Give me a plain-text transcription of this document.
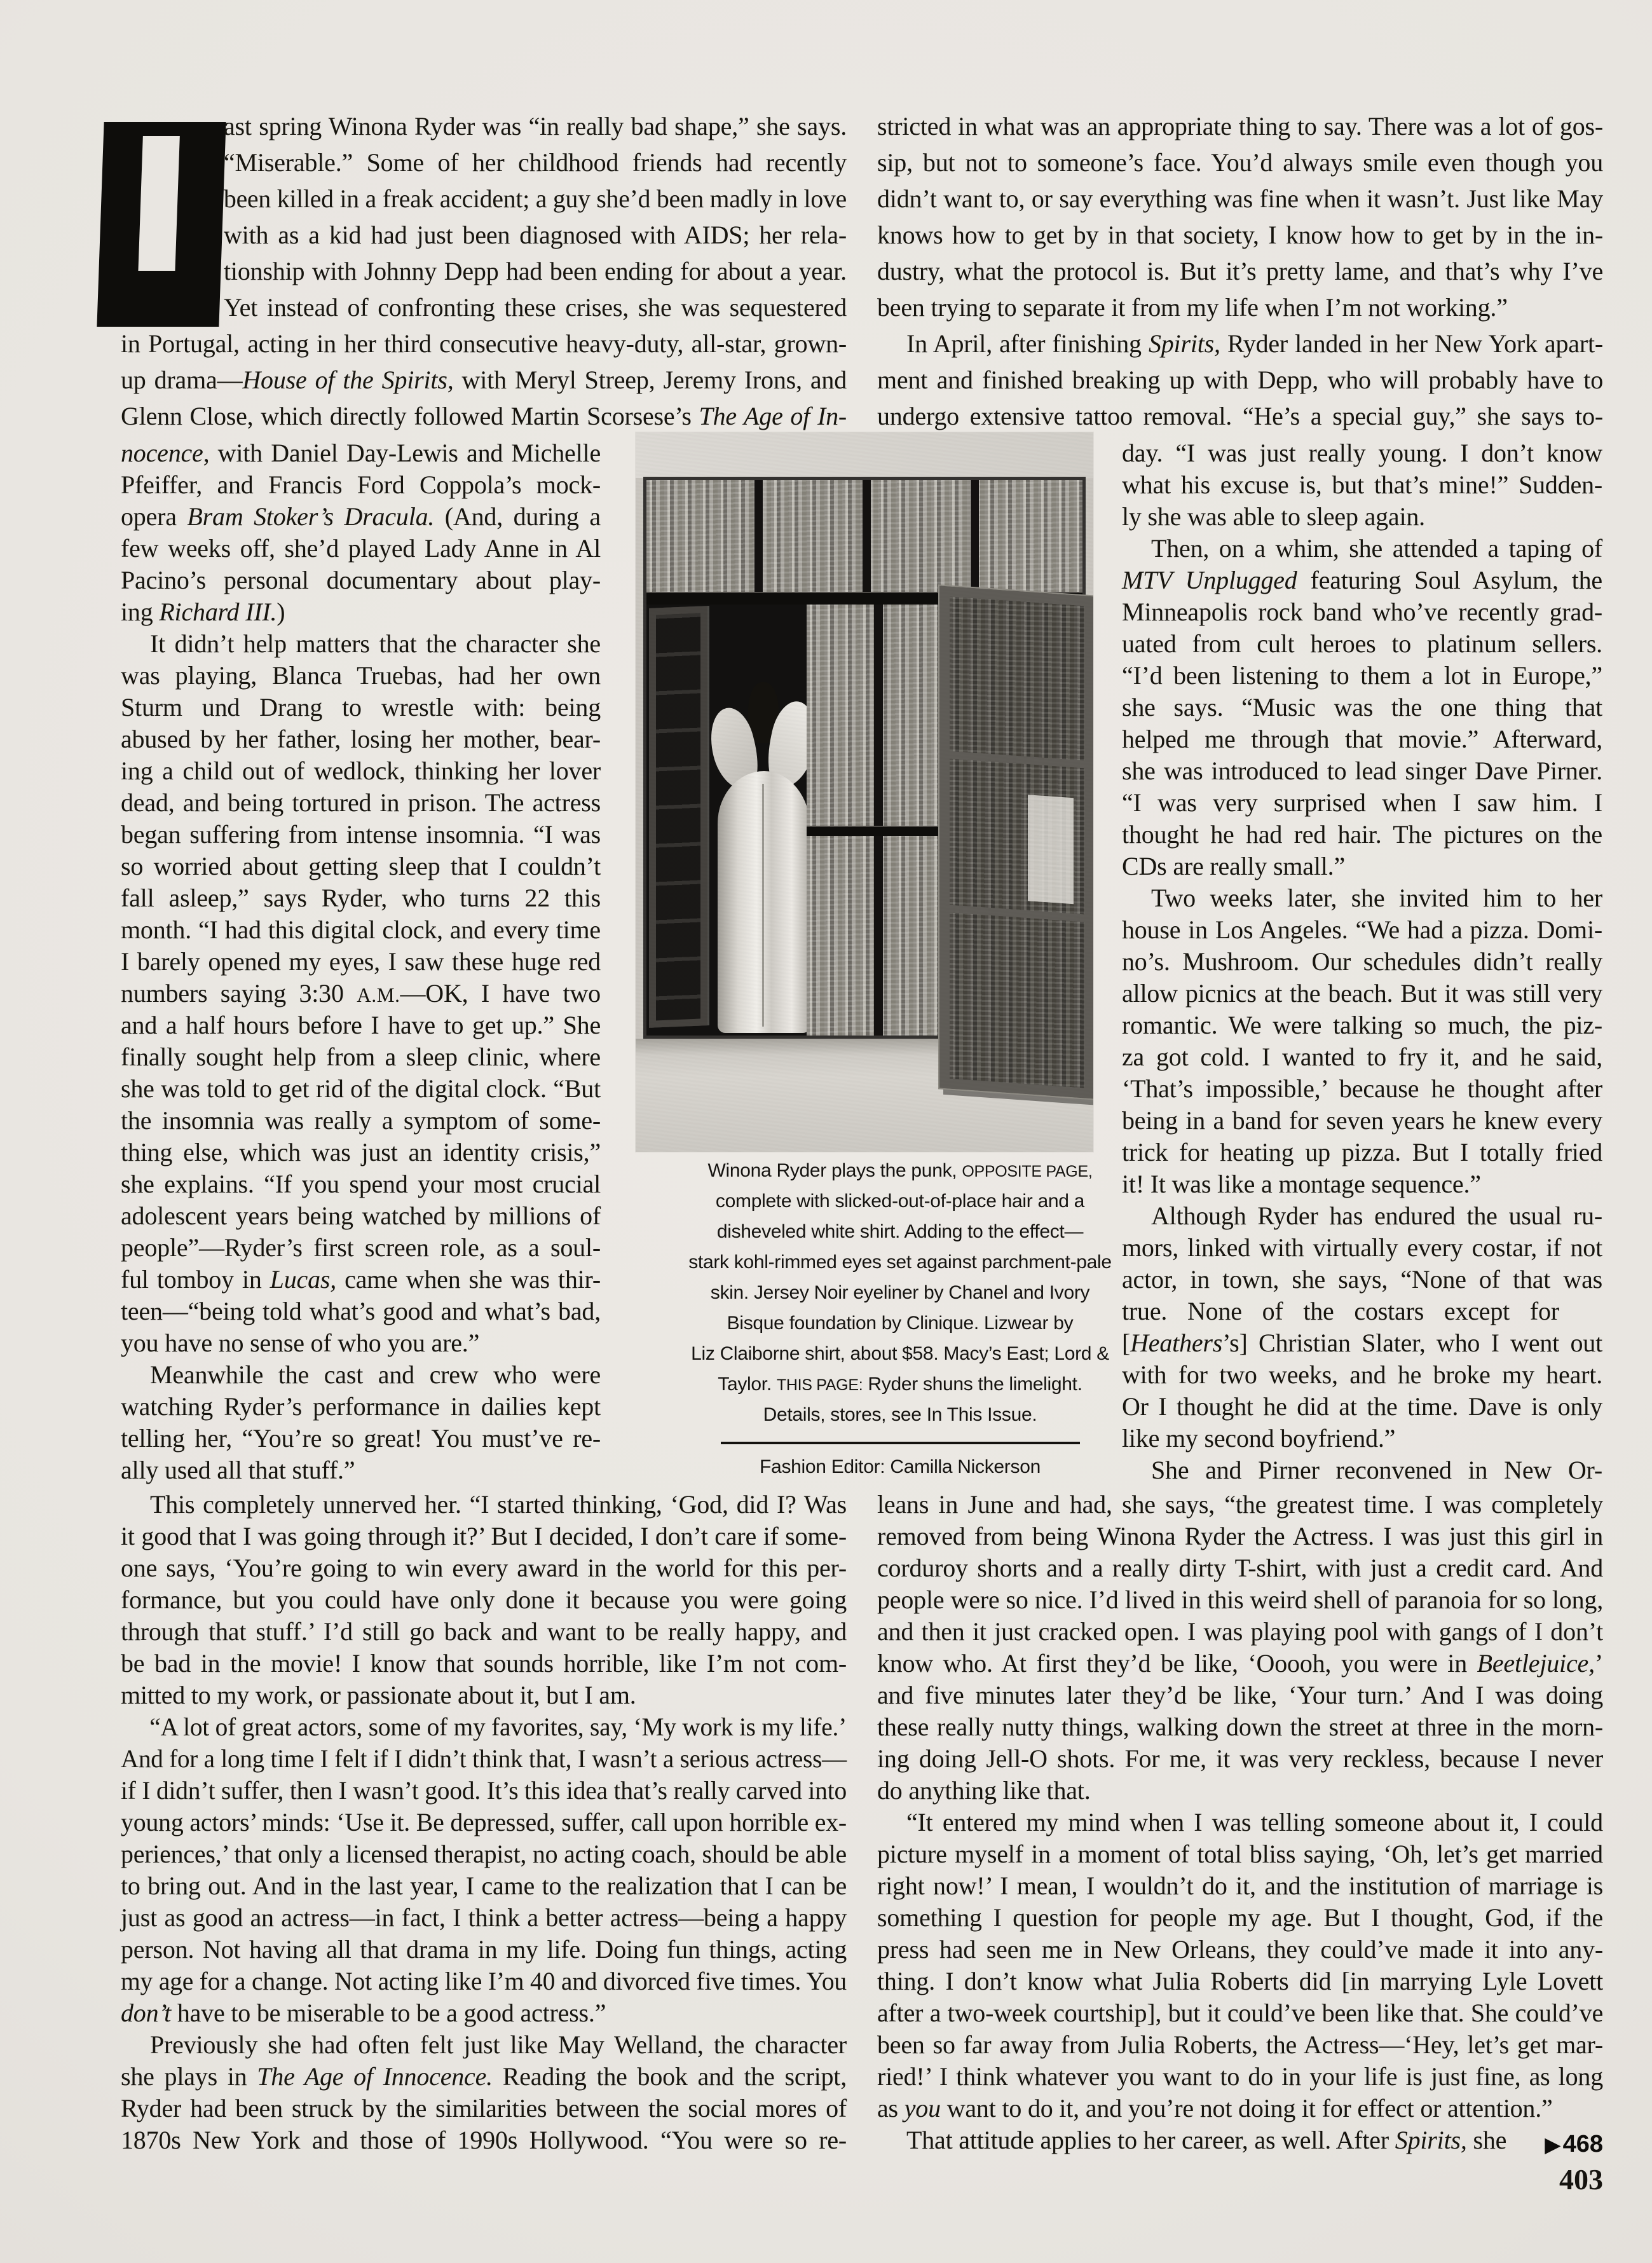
ast spring Winona Ryder was “in really bad shape,” she says.
“Miserable.” Some of her childhood friends had recently
been killed in a freak accident; a guy she’d been madly in love
with as a kid had just been diagnosed with AIDS; her rela-
tionship with Johnny Depp had been ending for about a year.
Yet instead of confronting these crises, she was sequestered
in Portugal, acting in her third consecutive heavy-duty, all-star, grown-
up drama—House of the Spirits, with Meryl Streep, Jeremy Irons, and
Glenn Close, which directly followed Martin Scorsese’s The Age of In-
stricted in what was an appropriate thing to say. There was a lot of gos-
sip, but not to someone’s face. You’d always smile even though you
didn’t want to, or say everything was fine when it wasn’t. Just like May
knows how to get by in that society, I know how to get by in the in-
dustry, what the protocol is. But it’s pretty lame, and that’s why I’ve
been trying to separate it from my life when I’m not working.”
In April, after finishing Spirits, Ryder landed in her New York apart-
ment and finished breaking up with Depp, who will probably have to
undergo extensive tattoo removal. “He’s a special guy,” she says to-
nocence, with Daniel Day-Lewis and Michelle
Pfeiffer, and Francis Ford Coppola’s mock-
opera Bram Stoker’s Dracula. (And, during a
few weeks off, she’d played Lady Anne in Al
Pacino’s personal documentary about play-
ing Richard III.)
It didn’t help matters that the character she
was playing, Blanca Truebas, had her own
Sturm und Drang to wrestle with: being
abused by her father, losing her mother, bear-
ing a child out of wedlock, thinking her lover
dead, and being tortured in prison. The actress
began suffering from intense insomnia. “I was
so worried about getting sleep that I couldn’t
fall asleep,” says Ryder, who turns 22 this
month. “I had this digital clock, and every time
I barely opened my eyes, I saw these huge red
numbers saying 3:30 A.M.—OK, I have two
and a half hours before I have to get up.” She
finally sought help from a sleep clinic, where
she was told to get rid of the digital clock. “But
the insomnia was really a symptom of some-
thing else, which was just an identity crisis,”
she explains. “If you spend your most crucial
adolescent years being watched by millions of
people”—Ryder’s first screen role, as a soul-
ful tomboy in Lucas, came when she was thir-
teen—“being told what’s good and what’s bad,
you have no sense of who you are.”
Meanwhile the cast and crew who were
watching Ryder’s performance in dailies kept
telling her, “You’re so great! You must’ve re-
ally used all that stuff.”
day. “I was just really young. I don’t know
what his excuse is, but that’s mine!” Sudden-
ly she was able to sleep again.
Then, on a whim, she attended a taping of
MTV Unplugged featuring Soul Asylum, the
Minneapolis rock band who’ve recently grad-
uated from cult heroes to platinum sellers.
“I’d been listening to them a lot in Europe,”
she says. “Music was the one thing that
helped me through that movie.” Afterward,
she was introduced to lead singer Dave Pirner.
“I was very surprised when I saw him. I
thought he had red hair. The pictures on the
CDs are really small.”
Two weeks later, she invited him to her
house in Los Angeles. “We had a pizza. Domi-
no’s. Mushroom. Our schedules didn’t really
allow picnics at the beach. But it was still very
romantic. We were talking so much, the piz-
za got cold. I wanted to fry it, and he said,
‘That’s impossible,’ because he thought after
being in a band for seven years he knew every
trick for heating up pizza. But I totally fried
it! It was like a montage sequence.”
Although Ryder has endured the usual ru-
mors, linked with virtually every costar, if not
actor, in town, she says, “None of that was
true. None of the costars except for
[Heathers’s] Christian Slater, who I went out
with for two weeks, and he broke my heart.
Or I thought he did at the time. Dave is only
like my second boyfriend.”
She and Pirner reconvened in New Or-
This completely unnerved her. “I started thinking, ‘God, did I? Was
it good that I was going through it?’ But I decided, I don’t care if some-
one says, ‘You’re going to win every award in the world for this per-
formance, but you could have only done it because you were going
through that stuff.’ I’d still go back and want to be really happy, and
be bad in the movie! I know that sounds horrible, like I’m not com-
mitted to my work, or passionate about it, but I am.
“A lot of great actors, some of my favorites, say, ‘My work is my life.’
And for a long time I felt if I didn’t think that, I wasn’t a serious actress—
if I didn’t suffer, then I wasn’t good. It’s this idea that’s really carved into
young actors’ minds: ‘Use it. Be depressed, suffer, call upon horrible ex-
periences,’ that only a licensed therapist, no acting coach, should be able
to bring out. And in the last year, I came to the realization that I can be
just as good an actress—in fact, I think a better actress—being a happy
person. Not having all that drama in my life. Doing fun things, acting
my age for a change. Not acting like I’m 40 and divorced five times. You
don’t have to be miserable to be a good actress.”
Previously she had often felt just like May Welland, the character
she plays in The Age of Innocence. Reading the book and the script,
Ryder had been struck by the similarities between the social mores of
1870s New York and those of 1990s Hollywood. “You were so re-
leans in June and had, she says, “the greatest time. I was completely
removed from being Winona Ryder the Actress. I was just this girl in
corduroy shorts and a really dirty T-shirt, with just a credit card. And
people were so nice. I’d lived in this weird shell of paranoia for so long,
and then it just cracked open. I was playing pool with gangs of I don’t
know who. At first they’d be like, ‘Ooooh, you were in Beetlejuice,’
and five minutes later they’d be like, ‘Your turn.’ And I was doing
these really nutty things, walking down the street at three in the morn-
ing doing Jell-O shots. For me, it was very reckless, because I never
do anything like that.
“It entered my mind when I was telling someone about it, I could
picture myself in a moment of total bliss saying, ‘Oh, let’s get married
right now!’ I mean, I wouldn’t do it, and the institution of marriage is
something I question for people my age. But I thought, God, if the
press had seen me in New Orleans, they could’ve made it into any-
thing. I don’t know what Julia Roberts did [in marrying Lyle Lovett
after a two-week courtship], but it could’ve been like that. She could’ve
been so far away from Julia Roberts, the Actress—‘Hey, let’s get mar-
ried!’ I think whatever you want to do in your life is just fine, as long
as you want to do it, and you’re not doing it for effect or attention.”
That attitude applies to her career, as well. After Spirits, she
Winona Ryder plays the punk, OPPOSITE PAGE,
complete with slicked-out-of-place hair and a
disheveled white shirt. Adding to the effect—
stark kohl-rimmed eyes set against parchment-pale
skin. Jersey Noir eyeliner by Chanel and Ivory
Bisque foundation by Clinique. Lizwear by
Liz Claiborne shirt, about $58. Macy’s East; Lord &
Taylor. THIS PAGE: Ryder shuns the limelight.
Details, stores, see In This Issue.
Fashion Editor: Camilla Nickerson
▶468
403
